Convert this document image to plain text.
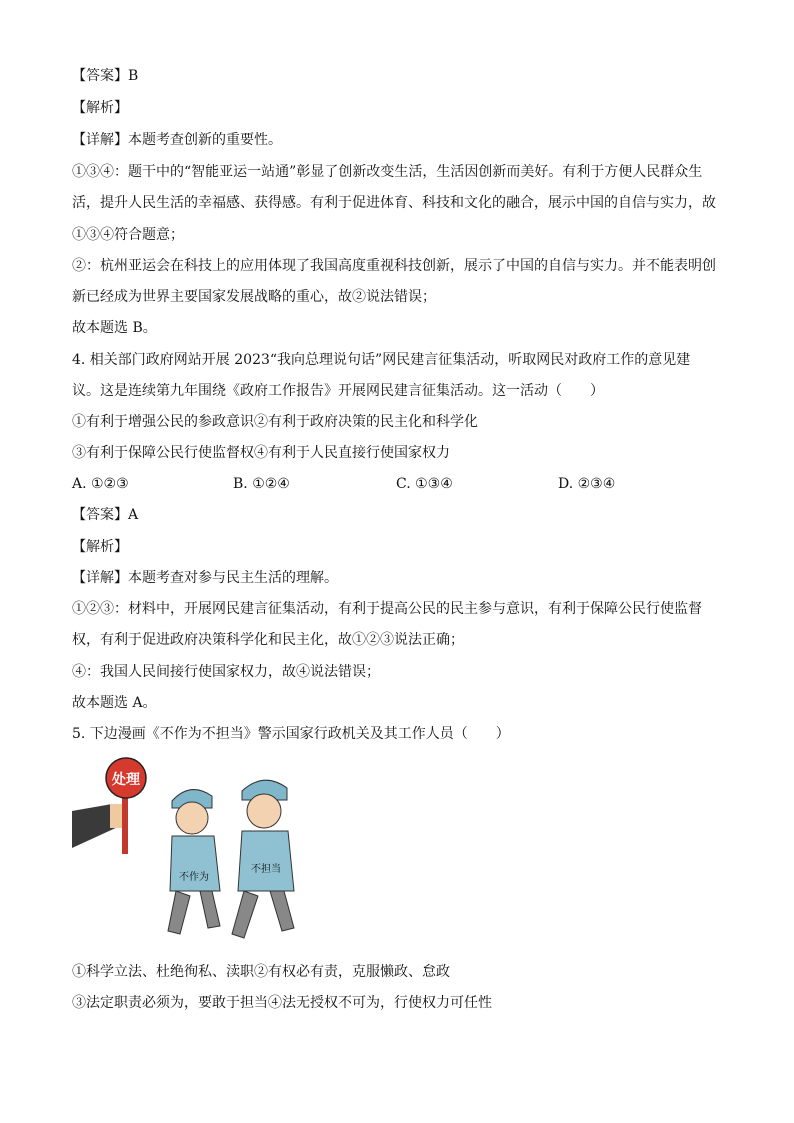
【答案】B
【解析】
【详解】本题考查创新的重要性。
①③④：题干中的“智能亚运一站通”彰显了创新改变生活，生活因创新而美好。有利于方便人民群众生
活，提升人民生活的幸福感、获得感。有利于促进体育、科技和文化的融合，展示中国的自信与实力，故
①③④符合题意；
②：杭州亚运会在科技上的应用体现了我国高度重视科技创新，展示了中国的自信与实力。并不能表明创
新已经成为世界主要国家发展战略的重心，故②说法错误；
故本题选 B。
4. 相关部门政府网站开展 2023“我向总理说句话”网民建言征集活动，听取网民对政府工作的意见建
议。这是连续第九年围绕《政府工作报告》开展网民建言征集活动。这一活动（　　）
①有利于增强公民的参政意识②有利于政府决策的民主化和科学化
③有利于保障公民行使监督权④有利于人民直接行使国家权力
A. ①②③	B. ①②④	C. ①③④	D. ②③④
【答案】A
【解析】
【详解】本题考查对参与民主生活的理解。
①②③：材料中，开展网民建言征集活动，有利于提高公民的民主参与意识，有利于保障公民行使监督
权，有利于促进政府决策科学化和民主化，故①②③说法正确；
④：我国人民间接行使国家权力，故④说法错误；
故本题选 A。
5. 下边漫画《不作为不担当》警示国家行政机关及其工作人员（　　）
处理
不作为
不担当
①科学立法、杜绝徇私、渎职②有权必有责，克服懒政、怠政
③法定职责必须为，要敢于担当④法无授权不可为，行使权力可任性
